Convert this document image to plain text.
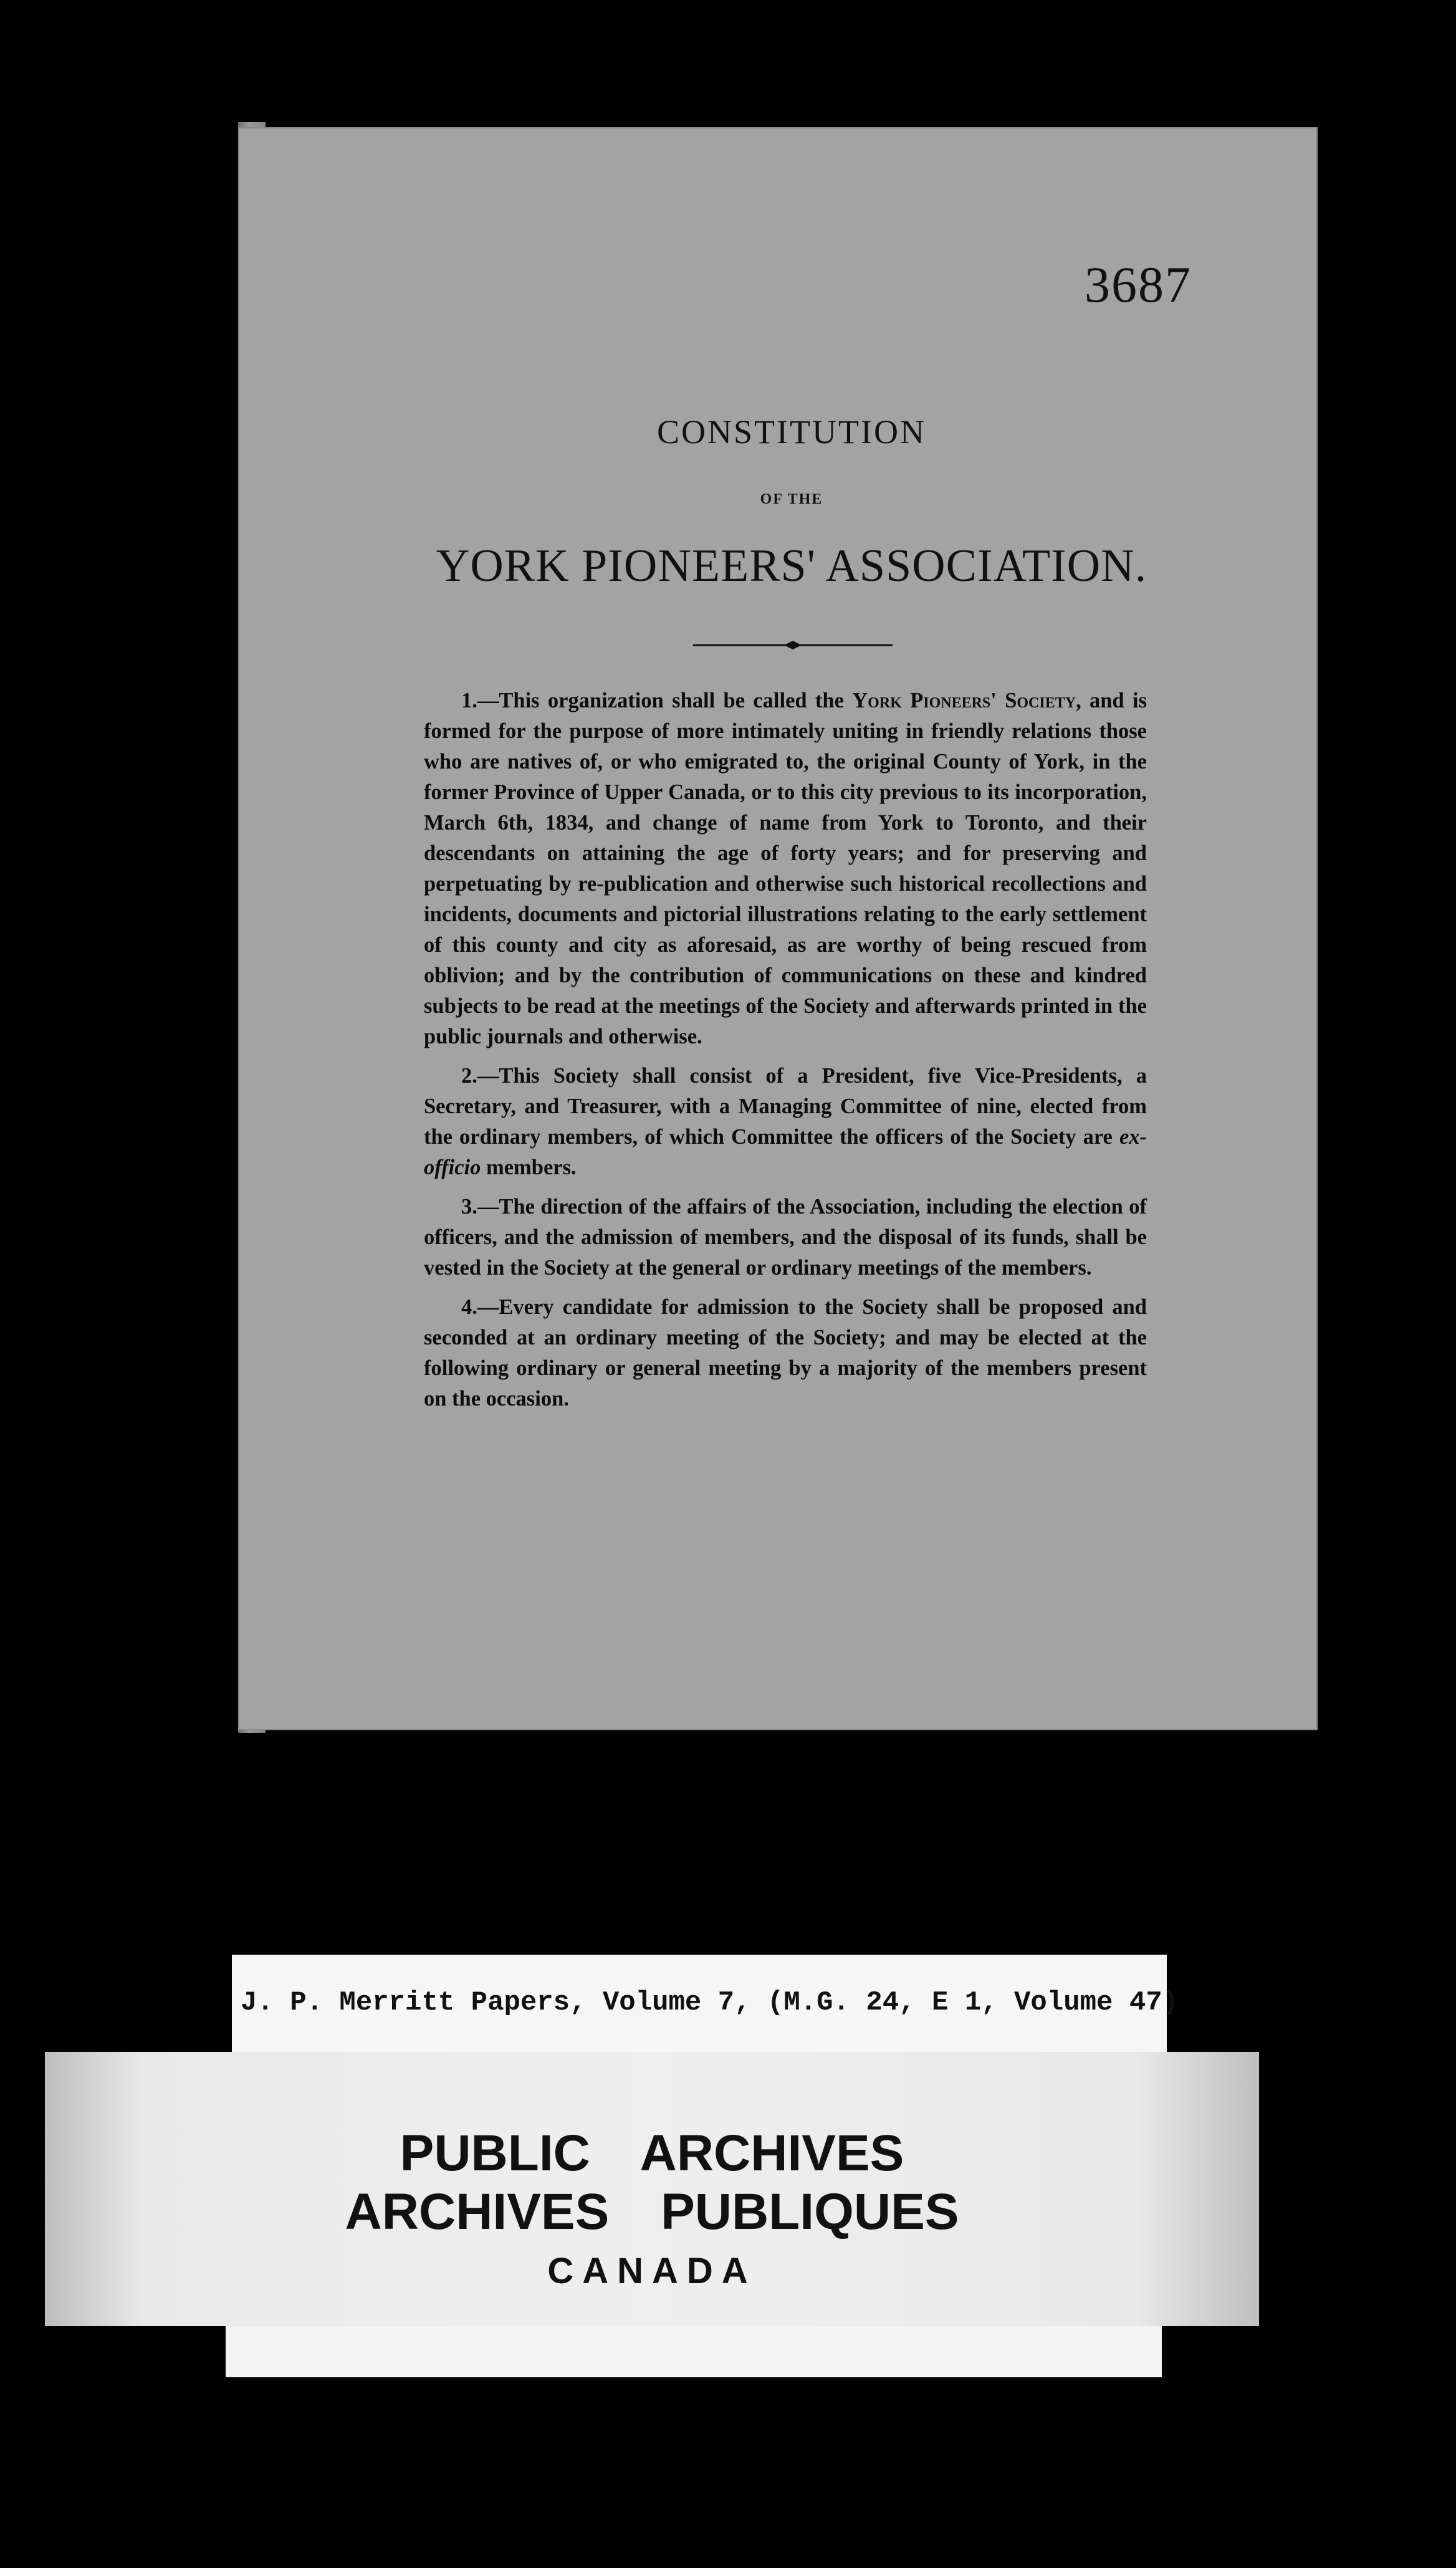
3687
CONSTITUTION
OF THE
YORK PIONEERS' ASSOCIATION.

1.—This organization shall be called the York Pioneers' Society, and is formed for the purpose of more intimately uniting in friendly relations those who are natives of, or who emigrated to, the original County of York, in the former Province of Upper Canada, or to this city previous to its incorporation, March 6th, 1834, and change of name from York to Toronto, and their descendants on attaining the age of forty years; and for preserving and perpetuating by re-publication and otherwise such historical recollections and incidents, documents and pictorial illustrations relating to the early settlement of this county and city as aforesaid, as are worthy of being rescued from oblivion; and by the contribution of communications on these and kindred subjects to be read at the meetings of the Society and afterwards printed in the public journals and otherwise.

2.—This Society shall consist of a President, five Vice-Presidents, a Secretary, and Treasurer, with a Managing Committee of nine, elected from the ordinary members, of which Committee the officers of the Society are ex-officio members.

3.—The direction of the affairs of the Association, including the election of officers, and the admission of members, and the disposal of its funds, shall be vested in the Society at the general or ordinary meetings of the members.

4.—Every candidate for admission to the Society shall be proposed and seconded at an ordinary meeting of the Society; and may be elected at the following ordinary or general meeting by a majority of the members present on the occasion.

J. P. Merritt Papers, Volume 7, (M.G. 24, E 1, Volume 47)
PUBLIC ARCHIVES
ARCHIVES PUBLIQUES
CANADA
